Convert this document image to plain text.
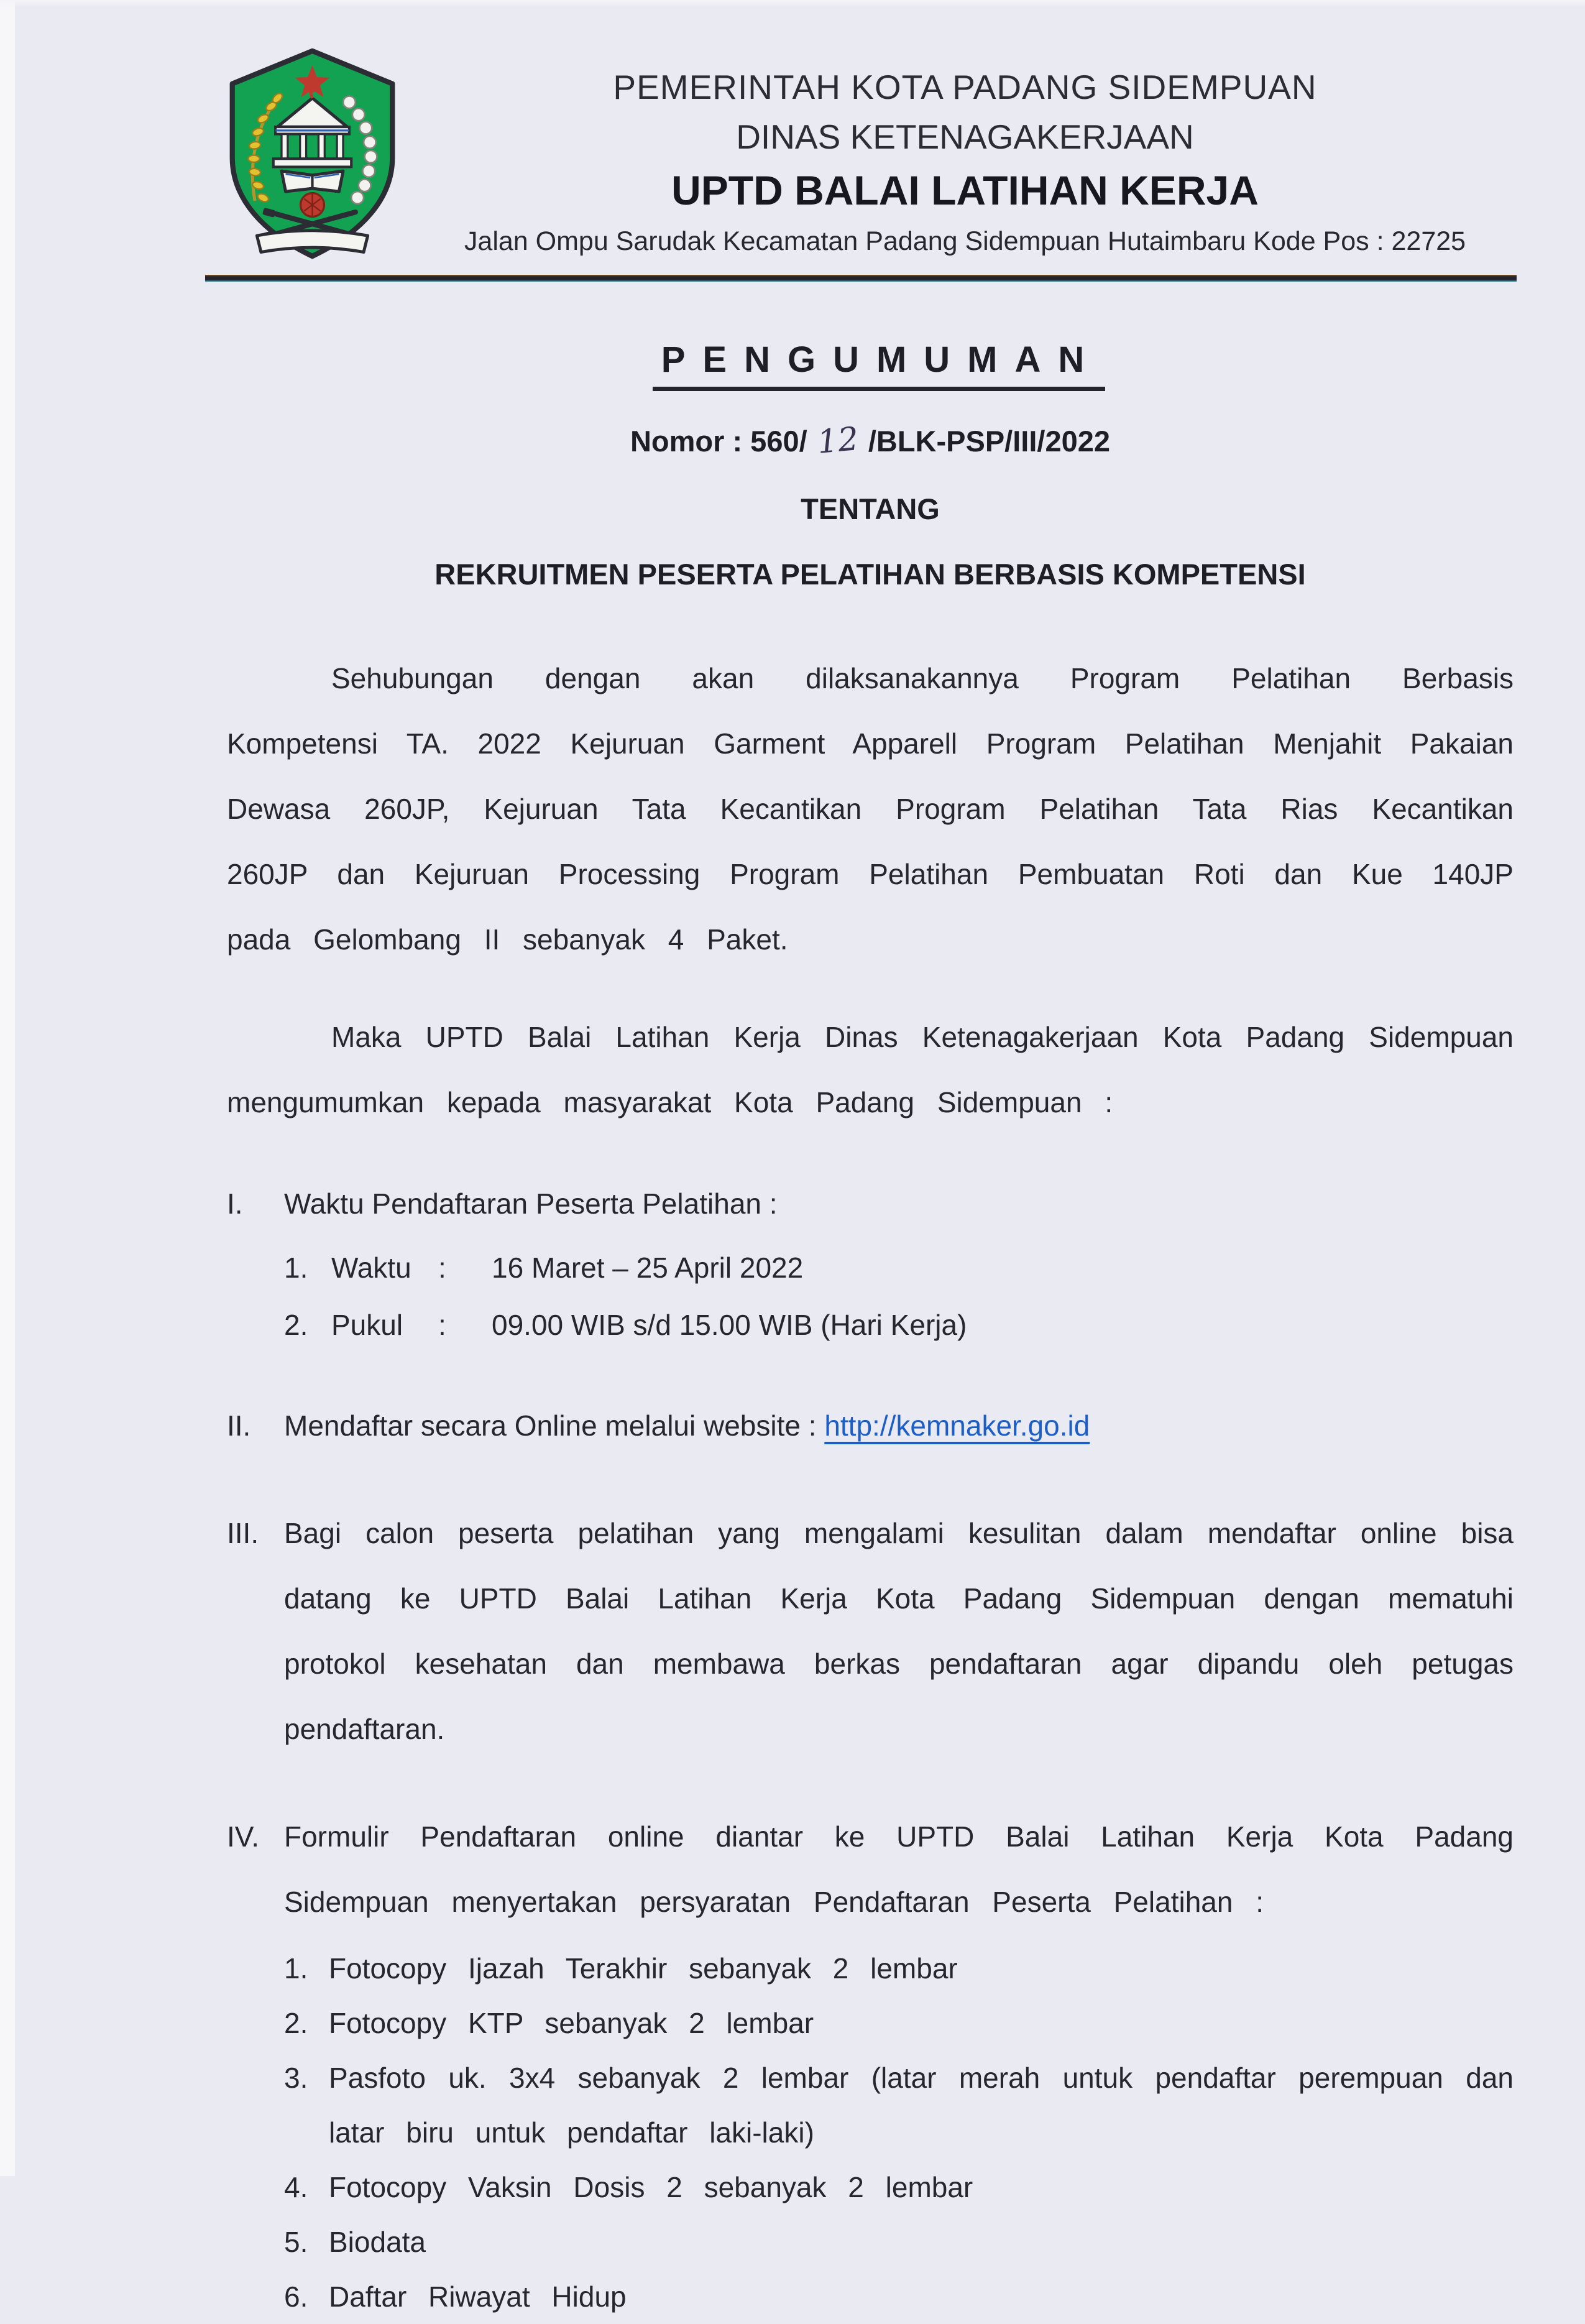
PEMERINTAH KOTA PADANG SIDEMPUAN
DINAS KETENAGAKERJAAN
UPTD BALAI LATIHAN KERJA
Jalan Ompu Sarudak Kecamatan Padang Sidempuan Hutaimbaru Kode Pos : 22725
PENGUMUMAN
Nomor : 560/ 12 /BLK-PSP/III/2022
TENTANG
REKRUITMEN PESERTA PELATIHAN BERBASIS KOMPETENSI

Sehubungan dengan akan dilaksanakannya Program Pelatihan Berbasis Kompetensi TA. 2022 Kejuruan Garment Apparell Program Pelatihan Menjahit Pakaian Dewasa 260JP, Kejuruan Tata Kecantikan Program Pelatihan Tata Rias Kecantikan 260JP dan Kejuruan Processing Program Pelatihan Pembuatan Roti dan Kue 140JP pada Gelombang II sebanyak 4 Paket.

Maka UPTD Balai Latihan Kerja Dinas Ketenagakerjaan Kota Padang Sidempuan mengumumkan kepada masyarakat Kota Padang Sidempuan :

I.	Waktu Pendaftaran Peserta Pelatihan :
1. Waktu :	16 Maret – 25 April 2022
2. Pukul	:	09.00 WIB s/d 15.00 WIB (Hari Kerja)
II.	Mendaftar secara Online melalui website : http://kemnaker.go.id
III. Bagi calon peserta pelatihan yang mengalami kesulitan dalam mendaftar online bisa datang ke UPTD Balai Latihan Kerja Kota Padang Sidempuan dengan mematuhi protokol kesehatan dan membawa berkas pendaftaran agar dipandu oleh petugas pendaftaran.
IV. Formulir Pendaftaran online diantar ke UPTD Balai Latihan Kerja Kota Padang Sidempuan menyertakan persyaratan Pendaftaran Peserta Pelatihan :
1. Fotocopy Ijazah Terakhir sebanyak 2 lembar
2. Fotocopy KTP sebanyak 2 lembar
3. Pasfoto uk. 3x4 sebanyak 2 lembar (latar merah untuk pendaftar perempuan dan latar biru untuk pendaftar laki-laki)
4. Fotocopy Vaksin Dosis 2 sebanyak 2 lembar
5. Biodata
6. Daftar Riwayat Hidup
